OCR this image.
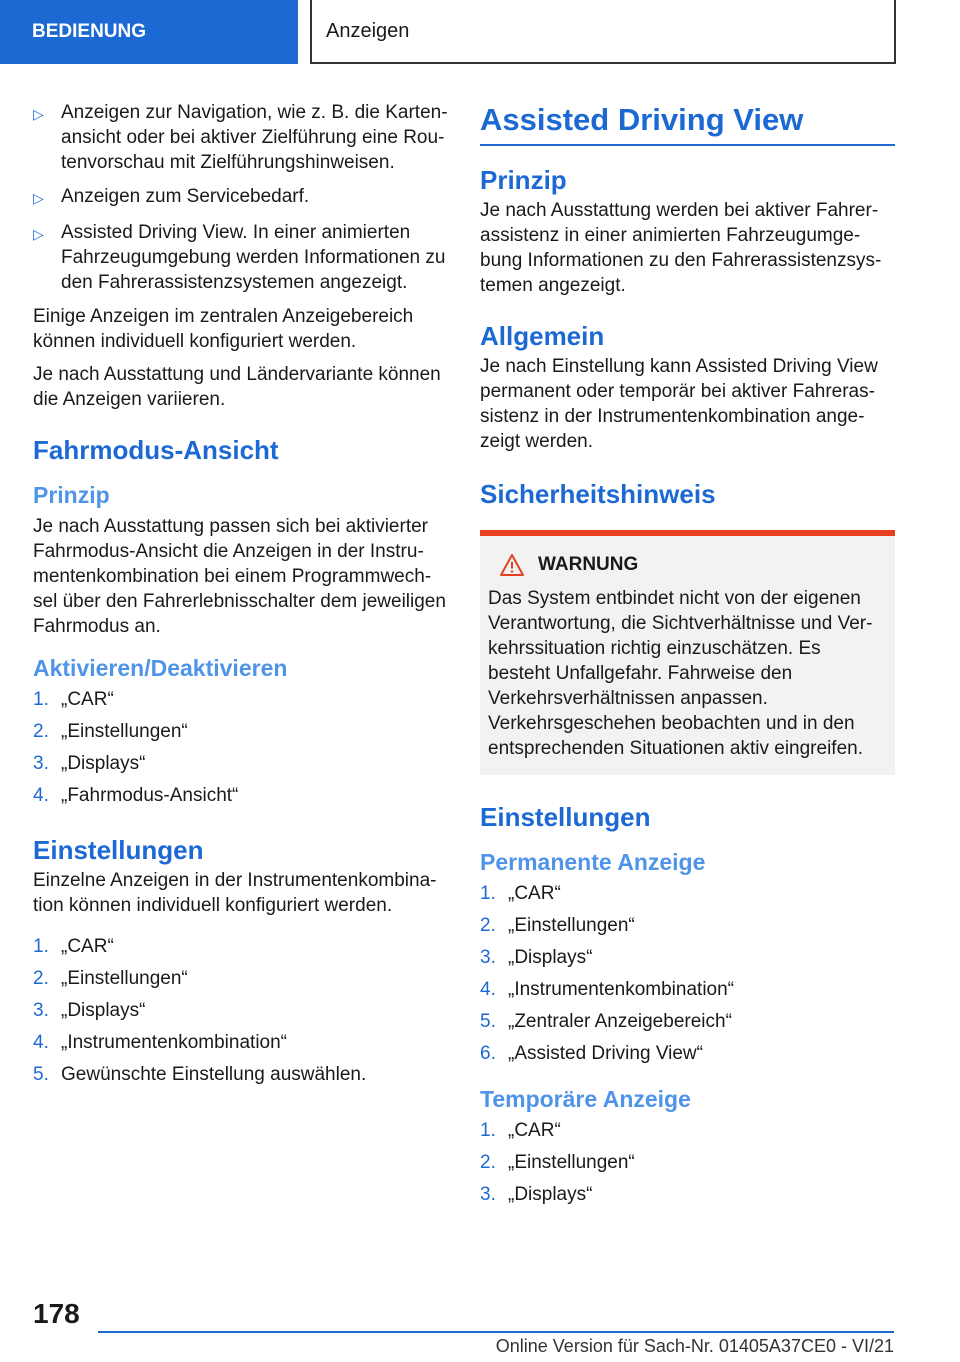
BEDIENUNG	Anzeigen
▷ Anzeigen zur Navigation, wie z. B. die Kartenansicht oder bei aktiver Zielführung eine Routenvorschau mit Zielführungshinweisen.
▷ Anzeigen zum Servicebedarf.
▷ Assisted Driving View. In einer animierten Fahrzeugumgebung werden Informationen zu den Fahrerassistenzsystemen angezeigt.

Einige Anzeigen im zentralen Anzeigebereich können individuell konfiguriert werden.

Je nach Ausstattung und Ländervariante können die Anzeigen variieren.

Fahrmodus-Ansicht
Prinzip

Je nach Ausstattung passen sich bei aktivierter Fahrmodus-Ansicht die Anzeigen in der Instrumentenkombination bei einem Programmwechsel über den Fahrerlebnisschalter dem jeweiligen Fahrmodus an.

Aktivieren/Deaktivieren
1. „CAR“
2. „Einstellungen“
3. „Displays“
4. „Fahrmodus-Ansicht“
Einstellungen

Einzelne Anzeigen in der Instrumentenkombination können individuell konfiguriert werden.

1. „CAR“
2. „Einstellungen“
3. „Displays“
4. „Instrumentenkombination“
5. Gewünschte Einstellung auswählen.
Assisted Driving View
Prinzip

Je nach Ausstattung werden bei aktiver Fahrerassistenz in einer animierten Fahrzeugumgebung Informationen zu den Fahrerassistenzsystemen angezeigt.

Allgemein

Je nach Einstellung kann Assisted Driving View permanent oder temporär bei aktiver Fahrerassistenz in der Instrumentenkombination angezeigt werden.

Sicherheitshinweis
WARNUNG

Das System entbindet nicht von der eigenen Verantwortung, die Sichtverhältnisse und Verkehrssituation richtig einzuschätzen. Es besteht Unfallgefahr. Fahrweise den Verkehrsverhältnissen anpassen. Verkehrsgeschehen beobachten und in den entsprechenden Situationen aktiv eingreifen.

Einstellungen
Permanente Anzeige
1. „CAR“
2. „Einstellungen“
3. „Displays“
4. „Instrumentenkombination“
5. „Zentraler Anzeigebereich“
6. „Assisted Driving View“
Temporäre Anzeige
1. „CAR“
2. „Einstellungen“
3. „Displays“
178
Online Version für Sach-Nr. 01405A37CE0 - VI/21
